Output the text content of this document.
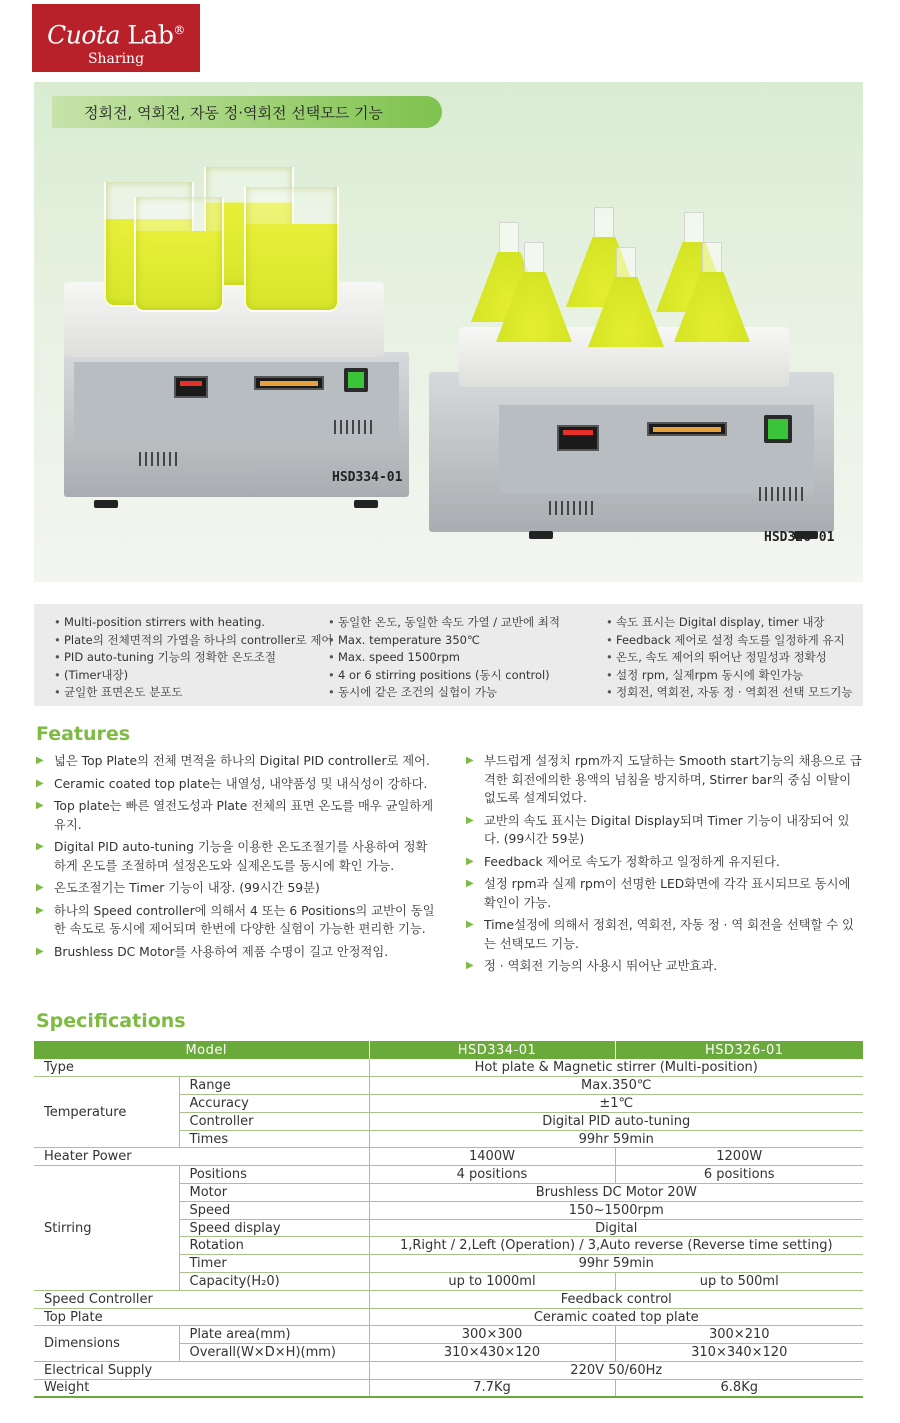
Cuota Lab®
Sharing
정회전, 역회전, 자동 정·역회전 선택모드 기능
HSD334-01
HSD326-01
• Multi-position stirrers with heating.
• Plate의 전체면적의 가열을 하나의 controller로 제어
• PID auto-tuning 기능의 정확한 온도조절
• (Timer내장)
• 균일한 표면온도 분포도
• 동일한 온도, 동일한 속도 가열 / 교반에 최적
• Max. temperature 350℃
• Max. speed 1500rpm
• 4 or 6 stirring positions (동시 control)
• 동시에 같은 조건의 실험이 가능
• 속도 표시는 Digital display, timer 내장
• Feedback 제어로 설정 속도를 일정하게 유지
• 온도, 속도 제어의 뛰어난 정밀성과 정확성
• 설정 rpm, 실제rpm 동시에 확인가능
• 정회전, 역회전, 자동 정 · 역회전 선택 모드기능
Features
▶ 넓은 Top Plate의 전체 면적을 하나의 Digital PID controller로 제어.
▶ Ceramic coated top plate는 내열성, 내약품성 및 내식성이 강하다.
▶ Top plate는 빠른 열전도성과 Plate 전체의 표면 온도를 매우 균일하게 유지.
▶ Digital PID auto-tuning 기능을 이용한 온도조절기를 사용하여 정확하게 온도를 조절하며 설정온도와 실제온도를 동시에 확인 가능.
▶ 온도조절기는 Timer 기능이 내장. (99시간 59분)
▶ 하나의 Speed controller에 의해서 4 또는 6 Positions의 교반이 동일한 속도로 동시에 제어되며 한번에 다양한 실험이 가능한 편리한 기능.
▶ Brushless DC Motor를 사용하여 제품 수명이 길고 안정적임.
▶ 부드럽게 설정치 rpm까지 도달하는 Smooth start기능의 채용으로 급격한 회전에의한 용액의 넘침을 방지하며, Stirrer bar의 중심 이탈이 없도록 설계되었다.
▶ 교반의 속도 표시는 Digital Display되며 Timer 기능이 내장되어 있다. (99시간 59분)
▶ Feedback 제어로 속도가 정확하고 일정하게 유지된다.
▶ 설정 rpm과 실제 rpm이 선명한 LED화면에 각각 표시되므로 동시에 확인이 가능.
▶ Time설정에 의해서 정회전, 역회전, 자동 정 · 역 회전을 선택할 수 있는 선택모드 기능.
▶ 정 · 역회전 기능의 사용시 뛰어난 교반효과.
Specifications
Model		HSD334-01	HSD326-01
Type		Hot plate & Magnetic stirrer (Multi-position)	
Temperature	Range	Max.350℃	
	Accuracy	±1℃	
	Controller	Digital PID auto-tuning	
	Times	99hr 59min	
Heater Power		1400W	1200W
Stirring	Positions	4 positions	6 positions
	Motor	Brushless DC Motor 20W	
	Speed	150~1500rpm	
	Speed display	Digital	
	Rotation	1,Right / 2,Left (Operation) / 3,Auto reverse (Reverse time setting)	
	Timer	99hr 59min	
	Capacity(H₂0)	up to 1000ml	up to 500ml
Speed Controller		Feedback control	
Top Plate		Ceramic coated top plate	
Dimensions	Plate area(mm)	300×300	300×210
	Overall(W×D×H)(mm)	310×430×120	310×340×120
Electrical Supply		220V 50/60Hz	
Weight		7.7Kg	6.8Kg
